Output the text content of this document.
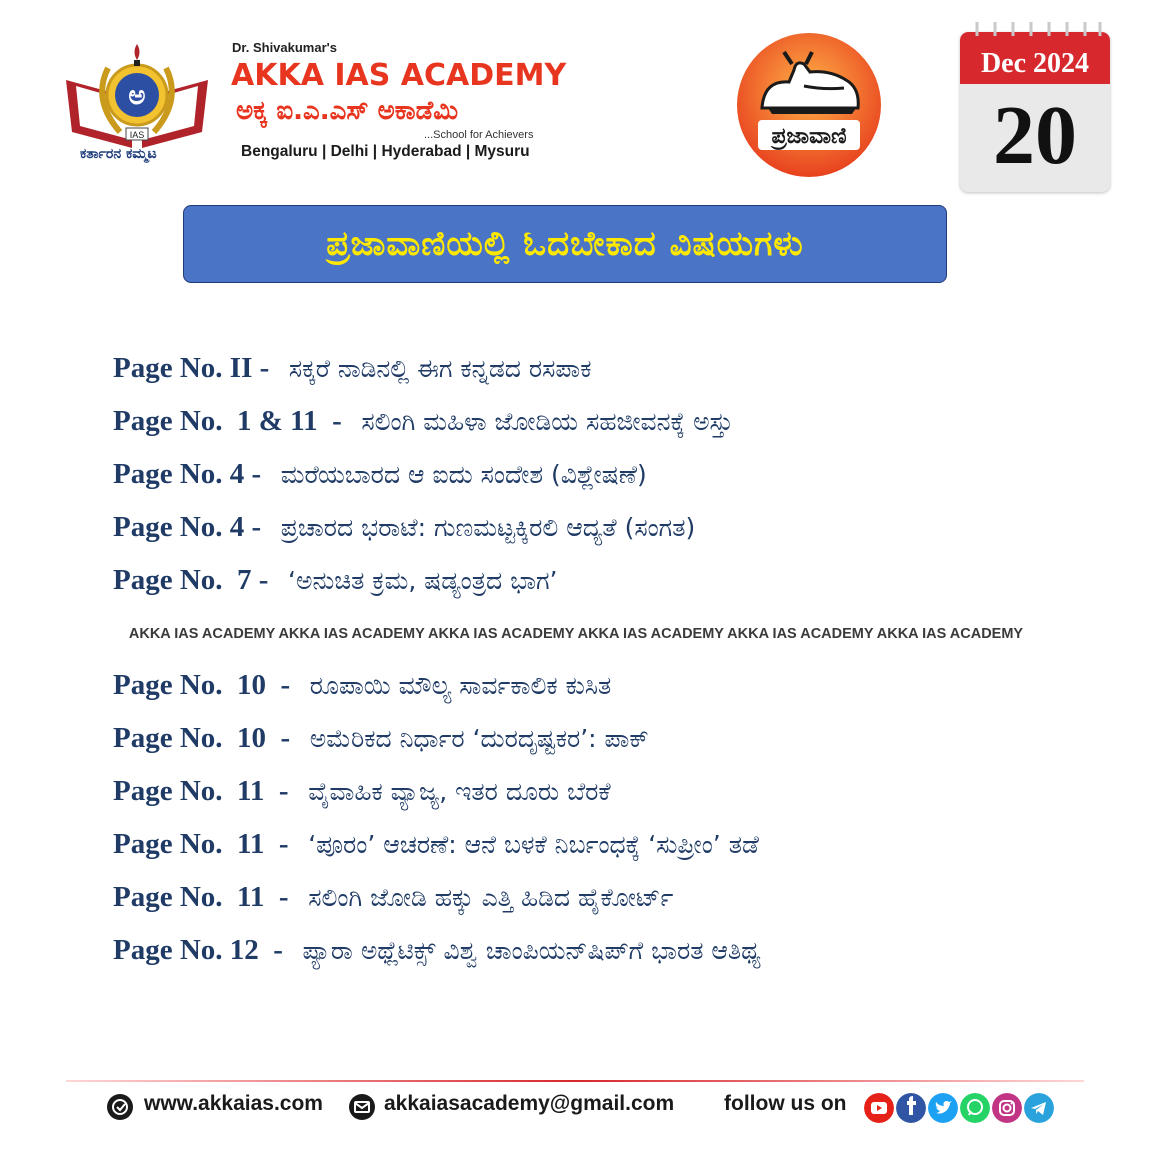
ಅ
IAS
ಕರ್ತಾರನ ಕಮ್ಮಟ
Dr. Shivakumar's
AKKA IAS ACADEMY
ಅಕ್ಕ ಐ.ಎ.ಎಸ್ ಅಕಾಡೆಮಿ
...School for Achievers
Bengaluru | Delhi | Hyderabad | Mysuru
ಪ್ರಜಾವಾಣಿ
Dec 2024
20
ಪ್ರಜಾವಾಣಿಯಲ್ಲಿ ಓದಬೇಕಾದ ವಿಷಯಗಳು
Page No. II -   ಸಕ್ಕರೆ ನಾಡಿನಲ್ಲಿ ಈಗ ಕನ್ನಡದ ರಸಪಾಕ
Page No.  1 & 11  -   ಸಲಿಂಗಿ ಮಹಿಳಾ ಜೋಡಿಯ ಸಹಜೀವನಕ್ಕೆ ಅಸ್ತು
Page No. 4 -   ಮರೆಯಬಾರದ ಆ ಐದು ಸಂದೇಶ (ವಿಶ್ಲೇಷಣೆ)
Page No. 4 -   ಪ್ರಚಾರದ ಭರಾಟೆ: ಗುಣಮಟ್ಟಕ್ಕಿರಲಿ ಆದ್ಯತೆ (ಸಂಗತ)
Page No.  7 -   ‘ಅನುಚಿತ ಕ್ರಮ, ಷಡ್ಯಂತ್ರದ ಭಾಗ’
AKKA IAS ACADEMY AKKA IAS ACADEMY AKKA IAS ACADEMY AKKA IAS ACADEMY AKKA IAS ACADEMY AKKA IAS ACADEMY
Page No.  10  -   ರೂಪಾಯಿ ಮೌಲ್ಯ ಸಾರ್ವಕಾಲಿಕ ಕುಸಿತ
Page No.  10  -   ಅಮೆರಿಕದ ನಿರ್ಧಾರ ‘ದುರದೃಷ್ಟಕರ’: ಪಾಕ್
Page No.  11  -   ವೈವಾಹಿಕ ವ್ಯಾಜ್ಯ, ಇತರ ದೂರು ಬೆರಕೆ
Page No.  11  -   ‘ಪೂರಂ’ ಆಚರಣೆ: ಆನೆ ಬಳಕೆ ನಿರ್ಬಂಧಕ್ಕೆ ‘ಸುಪ್ರೀಂ’ ತಡೆ
Page No.  11  -   ಸಲಿಂಗಿ ಜೋಡಿ ಹಕ್ಕು ಎತ್ತಿ ಹಿಡಿದ ಹೈಕೋರ್ಟ್
Page No. 12  -   ಪ್ಯಾರಾ ಅಥ್ಲೆಟಿಕ್ಸ್ ವಿಶ್ವ ಚಾಂಪಿಯನ್‌ಷಿಪ್‌ಗೆ ಭಾರತ ಆತಿಥ್ಯ
www.akkaias.com	akkaiasacademy@gmail.com follow us on
